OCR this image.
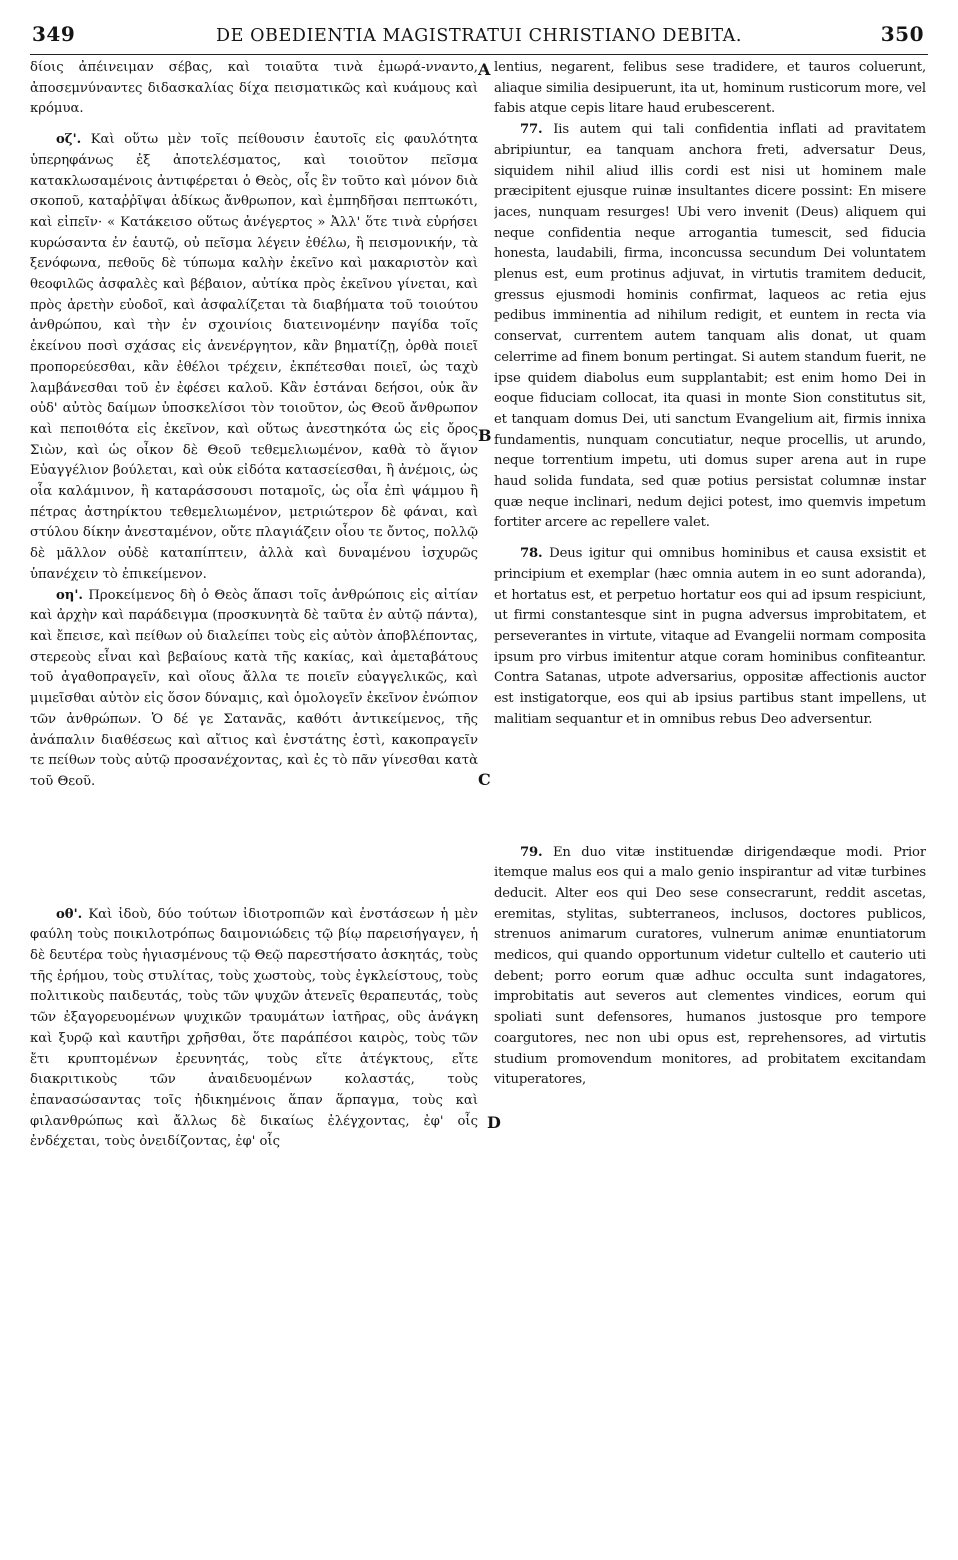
349	DE OBEDIENTIA MAGISTRATUI CHRISTIANO DEBITA.	350
A
B
C
D

δίοις ἀπέινειμαν σέβας, καὶ τοιαῦτα τινὰ ἐμωρά-νναντο, ἀποσεμνύναντες διδασκαλίας δίχα πεισματικῶς καὶ κυάμους καὶ κρόμυα.

οζ'. Καὶ οὕτω μὲν τοῖς πείθουσιν ἑαυτοῖς εἰς φαυλότητα ὑπερηφάνως ἐξ ἀποτελέσματος, καὶ τοιοῦτον πεῖσμα κατακλωσαμένοις ἀντιφέρεται ὁ Θεὸς, οἷς ἓν τοῦτο καὶ μόνον διὰ σκοποῦ, καταῤῥῖψαι ἀδίκως ἄνθρωπον, καὶ ἐμπηδῆσαι πεπτωκότι, καὶ εἰπεῖν· « Κατάκεισο οὕτως ἀνέγερτος » Ἀλλ' ὅτε τινὰ εὑρήσει κυρώσαντα ἐν ἑαυτῷ, οὐ πεῖσμα λέγειν ἐθέλω, ἢ πεισμονικήν, τὰ ξενόφωνα, πεθοῦς δὲ τύπωμα καλὴν ἐκεῖνο καὶ μακαριστὸν καὶ θεοφιλῶς ἀσφαλὲς καὶ βέβαιον, αὐτίκα πρὸς ἐκεῖνου γίνεται, καὶ πρὸς ἀρετὴν εὐοδοῖ, καὶ ἀσφαλίζεται τὰ διαβήματα τοῦ τοιούτου ἀνθρώπου, καὶ τὴν ἐν σχοινίοις διατεινομένην παγίδα τοῖς ἐκείνου ποσὶ σχάσας εἰς ἀνενέργητον, κἂν βηματίζῃ, ὀρθὰ ποιεῖ προπορεύεσθαι, κἂν ἐθέλοι τρέχειν, ἐκπέτεσθαι ποιεῖ, ὡς ταχὺ λαμβάνεσθαι τοῦ ἐν ἐφέσει καλοῦ. Κἂν ἑστάναι δεήσοι, οὐκ ἂν οὐδ' αὐτὸς δαίμων ὑποσκελίσοι τὸν τοιοῦτον, ὡς Θεοῦ ἄνθρωπον καὶ πεποιθότα εἰς ἐκεῖνον, καὶ οὕτως ἀνεστηκότα ὡς εἰς ὄρος Σιὼν, καὶ ὡς οἶκον δὲ Θεοῦ τεθεμελιωμένον, καθὰ τὸ ἅγιον Εὐαγγέλιον βούλεται, καὶ οὐκ εἰδότα κατασείεσθαι, ἢ ἀνέμοις, ὡς οἷα καλάμινον, ἢ καταράσσουσι ποταμοῖς, ὡς οἷα ἐπὶ ψάμμου ἢ πέτρας ἀστηρίκτου τεθεμελιωμένον, μετριώτερον δὲ φάναι, καὶ στύλου δίκην ἀνεσταμένον, οὔτε πλαγιάζειν οἷου τε ὄντος, πολλῷ δὲ μᾶλλον οὐδὲ καταπίπτειν, ἀλλὰ καὶ δυναμένου ἰσχυρῶς ὑπανέχειν τὸ ἐπικείμενον.

οη'. Προκείμενος δὴ ὁ Θεὸς ἅπασι τοῖς ἀνθρώποις εἰς αἰτίαν καὶ ἀρχὴν καὶ παράδειγμα (προσκυνητὰ δὲ ταῦτα ἐν αὐτῷ πάντα), καὶ ἔπεισε, καὶ πείθων οὐ διαλείπει τοὺς εἰς αὐτὸν ἀποβλέποντας, στερεοὺς εἶναι καὶ βεβαίους κατὰ τῆς κακίας, καὶ ἀμεταβάτους τοῦ ἀγαθοπραγεῖν, καὶ οἵους ἄλλα τε ποιεῖν εὐαγγελικῶς, καὶ μιμεῖσθαι αὐτὸν εἰς ὅσον δύναμις, καὶ ὁμολογεῖν ἐκεῖνον ἐνώπιον τῶν ἀνθρώπων. Ὁ δέ γε Σατανᾶς, καθότι ἀντικείμενος, τῆς ἀνάπαλιν διαθέσεως καὶ αἴτιος καὶ ἐνστάτης ἐστὶ, κακοπραγεῖν τε πείθων τοὺς αὐτῷ προσανέχοντας, καὶ ἐς τὸ πᾶν γίνεσθαι κατὰ τοῦ Θεοῦ.

οθ'. Καὶ ἰδοὺ, δύο τούτων ἰδιοτροπιῶν καὶ ἐνστάσεων ἡ μὲν φαύλη τοὺς ποικιλοτρόπως δαιμονιώδεις τῷ βίῳ παρεισήγαγεν, ἡ δὲ δευτέρα τοὺς ἡγιασμένους τῷ Θεῷ παρεστήσατο ἀσκητάς, τοὺς τῆς ἐρήμου, τοὺς στυλίτας, τοὺς χωστοὺς, τοὺς ἐγκλείστους, τοὺς πολιτικοὺς παιδευτάς, τοὺς τῶν ψυχῶν ἀτενεῖς θεραπευτάς, τοὺς τῶν ἐξαγορευομένων ψυχικῶν τραυμάτων ἰατῆρας, οὓς ἀνάγκη καὶ ξυρῷ καὶ καυτῆρι χρῆσθαι, ὅτε παράπέσοι καιρὸς, τοὺς τῶν ἔτι κρυπτομένων ἐρευνητάς, τοὺς εἴτε ἀτέγκτους, εἴτε διακριτικοὺς τῶν ἀναιδευομένων κολαστάς, τοὺς ἐπανασώσαντας τοῖς ἠδικημένοις ἅπαν ἅρπαγμα, τοὺς καὶ φιλανθρώπως καὶ ἄλλως δὲ δικαίως ἐλέγχοντας, ἐφ' οἷς ἐνδέχεται, τοὺς ὀνειδίζοντας, ἐφ' οἷς

lentius, negarent, felibus sese tradidere, et tauros coluerunt, aliaque similia desipuerunt, ita ut, hominum rusticorum more, vel fabis atque cepis litare haud erubescerent.

77. Iis autem qui tali confidentia inflati ad pravitatem abripiuntur, ea tanquam anchora freti, adversatur Deus, siquidem nihil aliud illis cordi est nisi ut hominem male præcipitent ejusque ruinæ insultantes dicere possint: En misere jaces, nunquam resurges! Ubi vero invenit (Deus) aliquem qui neque confidentia neque arrogantia tumescit, sed fiducia honesta, laudabili, firma, inconcussa secundum Dei voluntatem plenus est, eum protinus adjuvat, in virtutis tramitem deducit, gressus ejusmodi hominis confirmat, laqueos ac retia ejus pedibus imminentia ad nihilum redigit, et euntem in recta via conservat, currentem autem tanquam alis donat, ut quam celerrime ad finem bonum pertingat. Si autem standum fuerit, ne ipse quidem diabolus eum supplantabit; est enim homo Dei in eoque fiduciam collocat, ita quasi in monte Sion constitutus sit, et tanquam domus Dei, uti sanctum Evangelium ait, firmis innixa fundamentis, nunquam concutiatur, neque procellis, ut arundo, neque torrentium impetu, uti domus super arena aut in rupe haud solida fundata, sed quæ potius persistat columnæ instar quæ neque inclinari, nedum dejici potest, imo quemvis impetum fortiter arcere ac repellere valet.

78. Deus igitur qui omnibus hominibus et causa exsistit et principium et exemplar (hæc omnia autem in eo sunt adoranda), et hortatus est, et perpetuo hortatur eos qui ad ipsum respiciunt, ut firmi constantesque sint in pugna adversus improbitatem, et perseverantes in virtute, vitaque ad Evangelii normam composita ipsum pro virbus imitentur atque coram hominibus confiteantur. Contra Satanas, utpote adversarius, oppositæ affectionis auctor est instigatorque, eos qui ab ipsius partibus stant impellens, ut malitiam sequantur et in omnibus rebus Deo adversentur.

79. En duo vitæ instituendæ dirigendæque modi. Prior itemque malus eos qui a malo genio inspirantur ad vitæ turbines deducit. Alter eos qui Deo sese consecrarunt, reddit ascetas, eremitas, stylitas, subterraneos, inclusos, doctores publicos, strenuos animarum curatores, vulnerum animæ enuntiatorum medicos, qui quando opportunum videtur cultello et cauterio uti debent; porro eorum quæ adhuc occulta sunt indagatores, improbitatis aut severos aut clementes vindices, eorum qui spoliati sunt defensores, humanos justosque pro tempore coargutores, nec non ubi opus est, reprehensores, ad virtutis studium promovendum monitores, ad probitatem excitandam vituperatores,
